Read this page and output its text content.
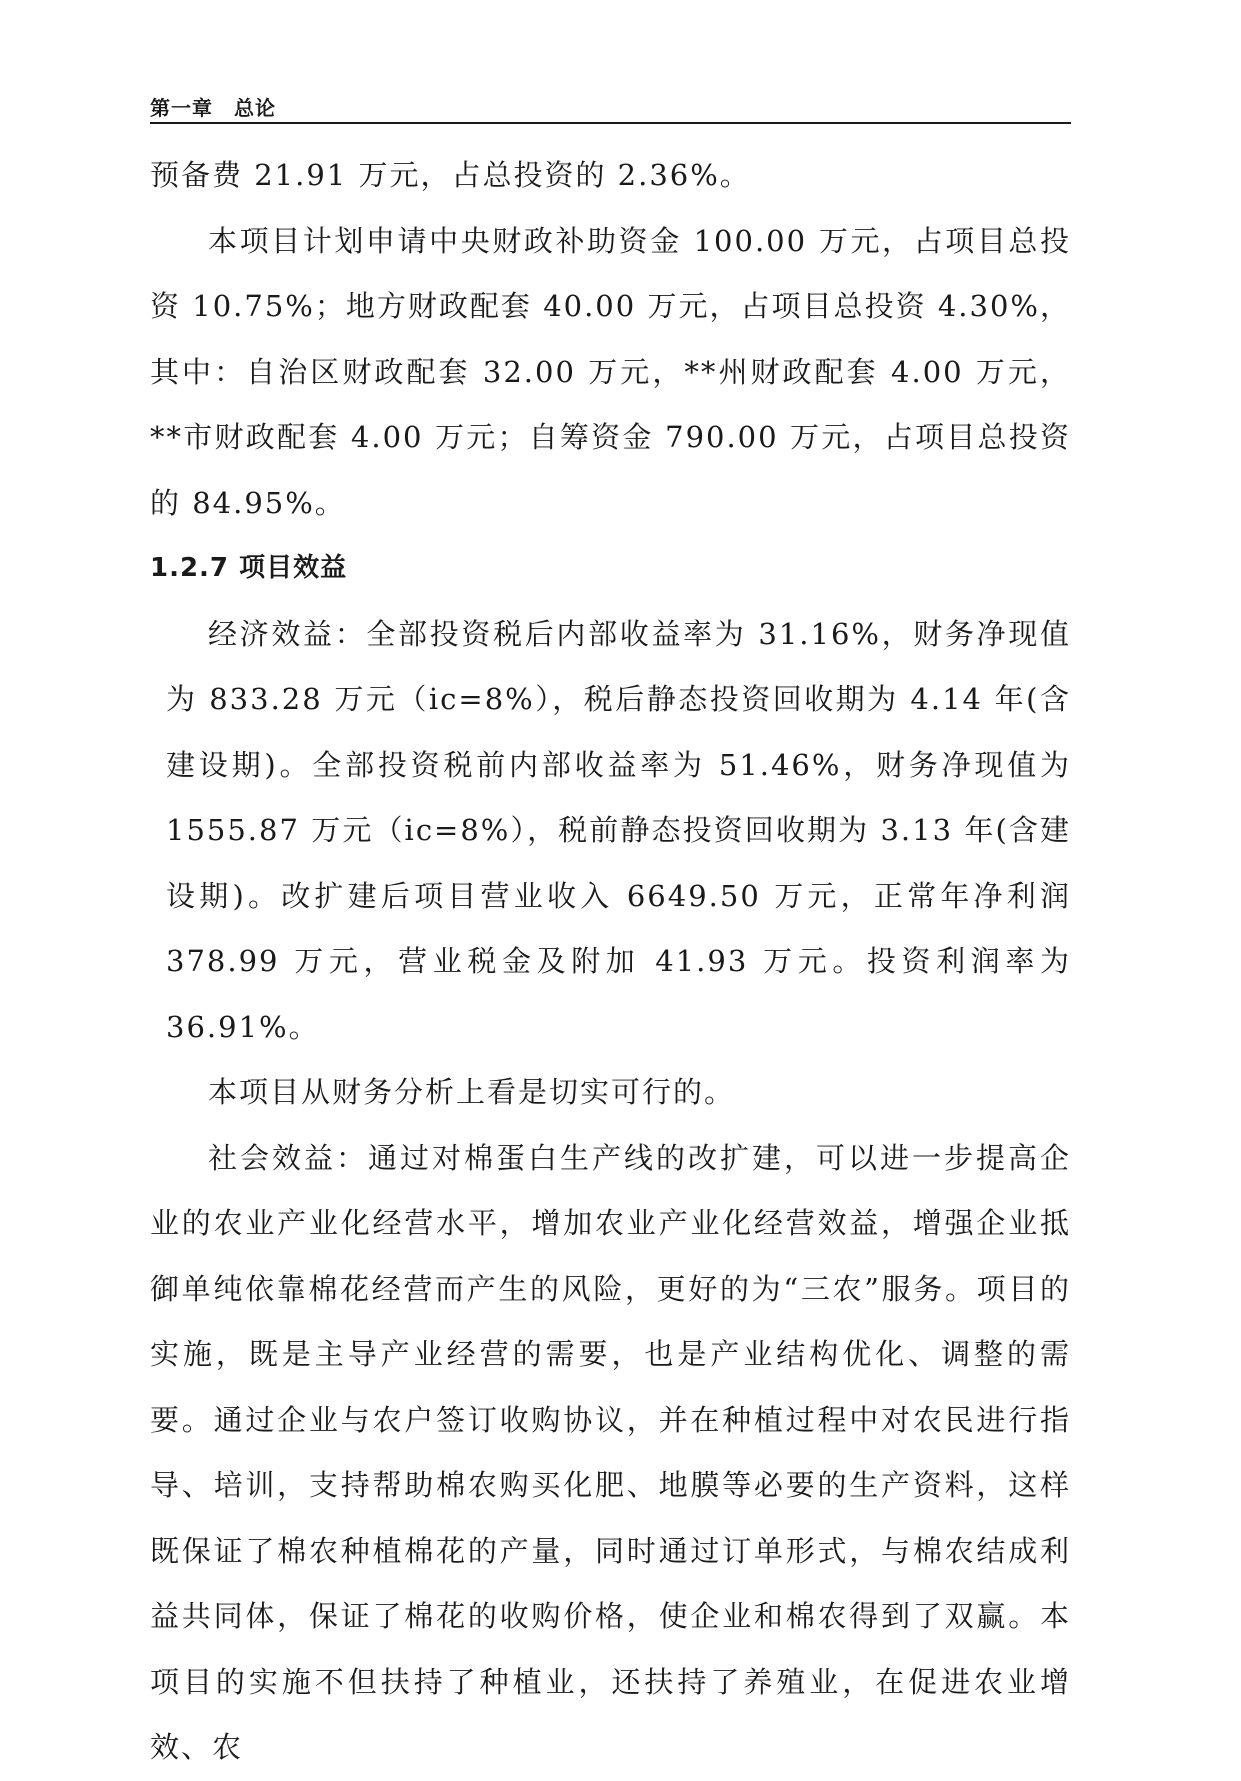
第一章　总论

预备费 21.91 万元，占总投资的 2.36%。

本项目计划申请中央财政补助资金 100.00 万元，占项目总投资 10.75%；地方财政配套 40.00 万元，占项目总投资 4.30%，其中：自治区财政配套 32.00 万元，**州财政配套 4.00 万元，**市财政配套 4.00 万元；自筹资金 790.00 万元，占项目总投资的 84.95%。

1.2.7 项目效益

经济效益：全部投资税后内部收益率为 31.16%，财务净现值为 833.28 万元（ic=8%），税后静态投资回收期为 4.14 年(含建设期)。全部投资税前内部收益率为 51.46%，财务净现值为 1555.87 万元（ic=8%），税前静态投资回收期为 3.13 年(含建设期)。改扩建后项目营业收入 6649.50 万元，正常年净利润 378.99 万元，营业税金及附加 41.93 万元。投资利润率为 36.91%。

本项目从财务分析上看是切实可行的。

社会效益：通过对棉蛋白生产线的改扩建，可以进一步提高企业的农业产业化经营水平，增加农业产业化经营效益，增强企业抵御单纯依靠棉花经营而产生的风险，更好的为“三农”服务。项目的实施，既是主导产业经营的需要，也是产业结构优化、调整的需要。通过企业与农户签订收购协议，并在种植过程中对农民进行指导、培训，支持帮助棉农购买化肥、地膜等必要的生产资料，这样既保证了棉农种植棉花的产量，同时通过订单形式，与棉农结成利益共同体，保证了棉花的收购价格，使企业和棉农得到了双赢。本项目的实施不但扶持了种植业，还扶持了养殖业，在促进农业增效、农
